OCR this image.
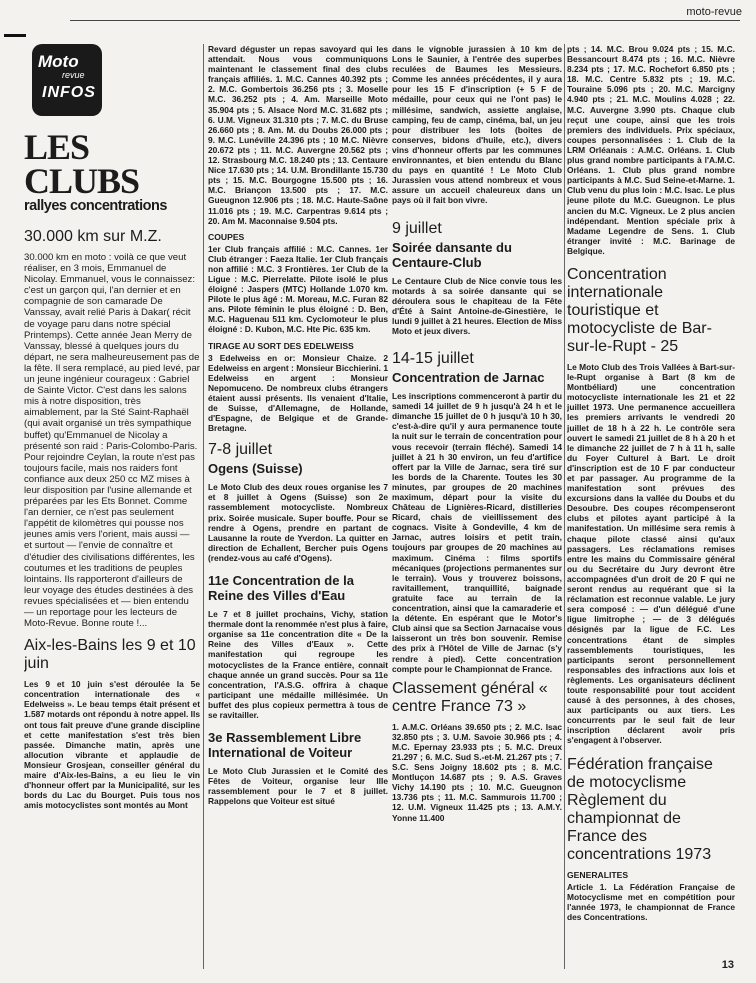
moto-revue
Moto
revue
INFOS
LES CLUBS
rallyes concentrations
30.000 km sur M.Z.
30.000 km en moto : voilà ce que veut réaliser, en 3 mois, Emmanuel de Nicolay. Emmanuel, vous le connaissez: c'est un garçon qui, l'an dernier et en compagnie de son camarade De Vanssay, avait relié Paris à Dakar( récit de voyage paru dans notre spécial Printemps). Cette année Jean Merry de Vanssay, blessé à quelques jours du départ, ne sera malheureusement pas de la fête. Il sera remplacé, au pied levé, par un jeune ingénieur courageux : Gabriel de Sainte Victor. C'est dans les salons mis à notre disposition, très aimablement, par la Sté Saint-Raphaël (qui avait organisé un très sympathique buffet) qu'Emmanuel de Nicolay a présenté son raid : Paris-Colombo-Paris. Pour rejoindre Ceylan, la route n'est pas toujours facile, mais nos raiders font confiance aux deux 250 cc MZ mises à leur disposition par l'usine allemande et préparées par les Ets Bonnet. Comme l'an dernier, ce n'est pas seulement l'appétit de kilomètres qui pousse nos jeunes amis vers l'orient, mais aussi — et surtout — l'envie de connaître et d'étudier des civilisations différentes, les coutumes et les traditions de peuples lointains. Ils rapporteront d'ailleurs de leur voyage des études destinées à des revues spécialisées et — bien entendu — un reportage pour les lecteurs de Moto-Revue. Bonne route !...
Aix-les-Bains les 9 et 10 juin
Les 9 et 10 juin s'est déroulée la 5e concentration internationale des « Edelweiss ». Le beau temps était présent et 1.587 motards ont répondu à notre appel. Ils ont tous fait preuve d'une grande discipline et cette manifestation s'est très bien passée. Dimanche matin, après une allocution vibrante et applaudie de Monsieur Grosjean, conseiller général du maire d'Aix-les-Bains, a eu lieu le vin d'honneur offert par la Municipalité, sur les bords du Lac du Bourget. Puis tous nos amis motocyclistes sont montés au Mont
Revard déguster un repas savoyard qui les attendait. Nous vous communiquons maintenant le classement final des clubs français affiliés. 1. M.C. Cannes 40.392 pts ; 2. M.C. Gombertois 36.256 pts ; 3. Moselle M.C. 36.252 pts ; 4. Am. Marseille Moto 35.904 pts ; 5. Alsace Nord M.C. 31.682 pts ; 6. U.M. Vigneux 31.310 pts ; 7. M.C. du Bruse 26.660 pts ; 8. Am. M. du Doubs 26.000 pts ; 9. M.C. Lunéville 24.396 pts ; 10 M.C. Nièvre 20.672 pts ; 11. M.C. Auvergne 20.562 pts ; 12. Strasbourg M.C. 18.240 pts ; 13. Centaure Nice 17.630 pts ; 14. U.M. Brondillante 15.730 pts ; 15. M.C. Bourgogne 15.500 pts ; 16. M.C. Briançon 13.500 pts ; 17. M.C. Gueugnon 12.906 pts ; 18. M.C. Haute-Saône 11.016 pts ; 19. M.C. Carpentras 9.614 pts ; 20. Am M. Maconnaise 9.504 pts.
COUPES
1er Club français affilié : M.C. Cannes. 1er Club étranger : Faeza Italie. 1er Club français non affilié : M.C. 3 Frontières. 1er Club de la Ligue : M.C. Pierrelatte. Pilote isolé le plus éloigné : Jaspers (MTC) Hollande 1.070 km. Pilote le plus âgé : M. Moreau, M.C. Furan 82 ans. Pilote féminin le plus éloigné : D. Ben, M.C. Haguenau 511 km. Cyclomoteur le plus éloigné : D. Kubon, M.C. Hte Pic. 635 km.
TIRAGE AU SORT DES EDELWEISS
3 Edelweiss en or: Monsieur Chaize. 2 Edelweiss en argent : Monsieur Bicchierini. 1 Edelweiss en argent : Monsieur Nepomuceno. De nombreux clubs étrangers étaient aussi présents. Ils venaient d'Italie, de Suisse, d'Allemagne, de Hollande, d'Espagne, de Belgique et de Grande-Bretagne.
7-8 juillet
Ogens (Suisse)
Le Moto Club des deux roues organise les 7 et 8 juillet à Ogens (Suisse) son 2e rassemblement motocycliste. Nombreux prix. Soirée musicale. Super bouffe. Pour se rendre à Ogens, prendre en partant de Lausanne la route de Yverdon. La quitter en direction de Echallent, Bercher puis Ogens (rendez-vous au café d'Ogens).
11e Concentration de la Reine des Villes d'Eau
Le 7 et 8 juillet prochains, Vichy, station thermale dont la renommée n'est plus à faire, organise sa 11e concentration dite « De la Reine des Villes d'Eaux ». Cette manifestation qui regroupe les motocyclistes de la France entière, connait chaque année un grand succès. Pour sa 11e concentration, l'A.S.G. offrira à chaque participant une médaille millésimée. Un buffet des plus copieux permettra à tous de se ravitailler.
3e Rassemblement Libre International de Voiteur
Le Moto Club Jurassien et le Comité des Fêtes de Voiteur, organise leur IIIe rassemblement pour le 7 et 8 juillet. Rappelons que Voiteur est situé
dans le vignoble jurassien à 10 km de Lons le Saunier, à l'entrée des superbes reculées de Baumes les Messieurs. Comme les années précédentes, il y aura pour les 15 F d'inscription (+ 5 F de médaille, pour ceux qui ne l'ont pas) le millésime, sandwich, assiette anglaise, camping, feu de camp, cinéma, bal, un jeu pour distribuer les lots (boites de conserves, bidons d'huile, etc.), divers vins d'honneur offerts par les communes environnantes, et bien entendu du Blanc du pays en quantité ! Le Moto Club Jurassien vous attend nombreux et vous assure un accueil chaleureux dans un pays où il fait bon vivre.
9 juillet
Soirée dansante du Centaure-Club
Le Centaure Club de Nice convie tous les motards à sa soirée dansante qui se déroulera sous le chapiteau de la Fête d'Été à Saint Antoine-de-Ginestière, le lundi 9 juillet à 21 heures. Election de Miss Moto et jeux divers.
14-15 juillet
Concentration de Jarnac
Les inscriptions commenceront à partir du samedi 14 juillet de 9 h jusqu'à 24 h et le dimanche 15 juillet de 0 h jusqu'à 10 h 30, c'est-à-dire qu'il y aura permanence toute la nuit sur le terrain de concentration pour vous recevoir (terrain fléché). Samedi 14 juillet à 21 h 30 environ, un feu d'artifice offert par la Ville de Jarnac, sera tiré sur les bords de la Charente. Toutes les 30 minutes, par groupes de 20 machines maximum, départ pour la visite du Château de Lignières-Ricard, distilleries Ricard, chais de vieillissement des cognacs. Visite à Gondeville, 4 km de Jarnac, autres loisirs et petit train, toujours par groupes de 20 machines au maximum. Cinéma : films sportifs mécaniques (projections permanentes sur le terrain). Vous y trouverez boissons, ravitaillement, tranquillité, baignade gratuite face au terrain de la concentration, ainsi que la camaraderie et la détente. En espérant que le Motor's Club ainsi que sa Section Jarnacaise vous laisseront un très bon souvenir. Remise des prix à l'Hôtel de Ville de Jarnac (s'y rendre à pied). Cette concentration compte pour le Championnat de France.
Classement général « centre France 73 »
1. A.M.C. Orléans 39.650 pts ; 2. M.C. Isac 32.850 pts ; 3. U.M. Savoie 30.966 pts ; 4. M.C. Epernay 23.933 pts ; 5. M.C. Dreux 21.297 ; 6. M.C. Sud S.-et-M. 21.267 pts ; 7. S.C. Sens Joigny 18.602 pts ; 8. M.C. Montluçon 14.687 pts ; 9. A.S. Graves Vichy 14.190 pts ; 10. M.C. Gueugnon 13.736 pts ; 11. M.C. Sammurois 11.700 ; 12. U.M. Vigneux 11.425 pts ; 13. A.M.Y. Yonne 11.400
pts ; 14. M.C. Brou 9.024 pts ; 15. M.C. Bessancourt 8.474 pts ; 16. M.C. Nièvre 8.234 pts ; 17. M.C. Rochefort 6.850 pts ; 18. M.C. Centre 5.832 pts ; 19. M.C. Touraine 5.096 pts ; 20. M.C. Marcigny 4.940 pts ; 21. M.C. Moulins 4.028 ; 22. M.C. Auvergne 3.990 pts. Chaque club reçut une coupe, ainsi que les trois premiers des individuels. Prix spéciaux, coupes personnalisées : 1. Club de la LRM Orléanais : A.M.C. Orléans. 1. Club plus grand nombre participants à l'A.M.C. Orléans. 1. Club plus grand nombre participants à M.C. Sud Seine-et-Marne. 1. Club venu du plus loin : M.C. Isac. Le plus jeune pilote du M.C. Gueugnon. Le plus ancien du M.C. Vigneux. Le 2 plus ancien indépendant. Mention spéciale prix à Madame Legendre de Sens. 1. Club étranger invité : M.C. Barinage de Belgique.
Concentration internationale touristique et motocycliste de Bar-sur-le-Rupt - 25
Le Moto Club des Trois Vallées à Bart-sur-le-Rupt organise à Bart (8 km de Montbéliard) une concentration motocycliste internationale les 21 et 22 juillet 1973. Une permanence accueillera les premiers arrivants le vendredi 20 juillet de 18 h à 22 h. Le contrôle sera ouvert le samedi 21 juillet de 8 h à 20 h et le dimanche 22 juillet de 7 h à 11 h, salle du Foyer Culturel à Bart. Le droit d'inscription est de 10 F par conducteur et par passager. Au programme de la manifestation sont prévues des excursions dans la vallée du Doubs et du Desoubre. Des coupes récompenseront clubs et pilotes ayant participé à la manifestation. Un millésime sera remis à chaque pilote classé ainsi qu'aux passagers. Les réclamations remises entre les mains du Commissaire général ou du Secrétaire du Jury devront être accompagnées d'un droit de 20 F qui ne seront rendus au requérant que si la réclamation est reconnue valable. Le jury sera composé : — d'un délégué d'une ligue limitrophe ; — de 3 délégués désignés par la ligue de F.C. Les concentrations étant de simples rassemblements touristiques, les participants seront personnellement responsables des infractions aux lois et règlements. Les organisateurs déclinent toute responsabilité pour tout accident causé à des personnes, à des choses, aux participants ou aux tiers. Les concurrents par le seul fait de leur inscription déclarent avoir pris s'engagent à l'observer.
Fédération française de motocyclisme Règlement du championnat de France des concentrations 1973
GENERALITES
Article 1. La Fédération Française de Motocyclisme met en compétition pour l'année 1973, le championnat de France des Concentrations.
13
